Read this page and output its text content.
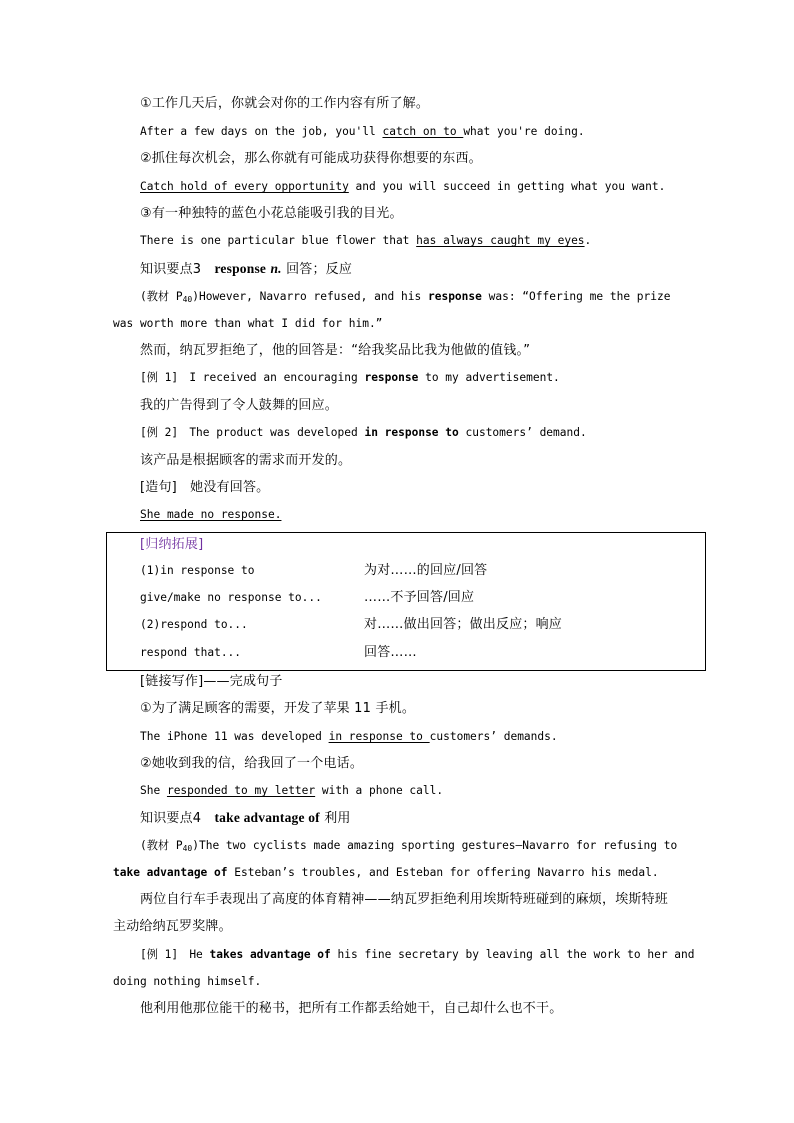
①工作几天后，你就会对你的工作内容有所了解。
After a few days on the job, you'll catch on to what you're doing.
②抓住每次机会，那么你就有可能成功获得你想要的东西。
Catch hold of every opportunity and you will succeed in getting what you want.
③有一种独特的蓝色小花总能吸引我的目光。
There is one particular blue flower that has always caught my eyes.
知识要点3　response n. 回答；反应
(教材 $P_{40})However$, Navarro refused, and his response was: “Offering me the prize
was worth more than what I did for him.”
然而，纳瓦罗拒绝了，他的回答是：“给我奖品比我为他做的值钱。”
[例 1]　I received an encouraging response to my advertisement.
我的广告得到了令人鼓舞的回应。
[例 2]　The product was developed in response to customers’ demand.
该产品是根据顾客的需求而开发的。
[造句]　她没有回答。
She made no response.
[归纳拓展]
(1)in response to	为对……的回应/回答
give/make no response to...	……不予回答/回应
(2)respond to...	对……做出回答；做出反应；响应
respond that...	回答……
[链接写作]——完成句子
①为了满足顾客的需要，开发了苹果 11 手机。
The iPhone 11 was developed in response to customers’ demands.
②她收到我的信，给我回了一个电话。
She responded to my letter with a phone call.
知识要点4　take advantage of 利用
(教材 $P_{40})The$ two cyclists made amazing sporting gestures—Navarro for refusing to
take advantage of Esteban’s troubles, and Esteban for offering Navarro his medal.
两位自行车手表现出了高度的体育精神——纳瓦罗拒绝利用埃斯特班碰到的麻烦，埃斯特班
主动给纳瓦罗奖牌。
[例 1]　He takes advantage of his fine secretary by leaving all the work to her and
doing nothing himself.
他利用他那位能干的秘书，把所有工作都丢给她干，自己却什么也不干。
